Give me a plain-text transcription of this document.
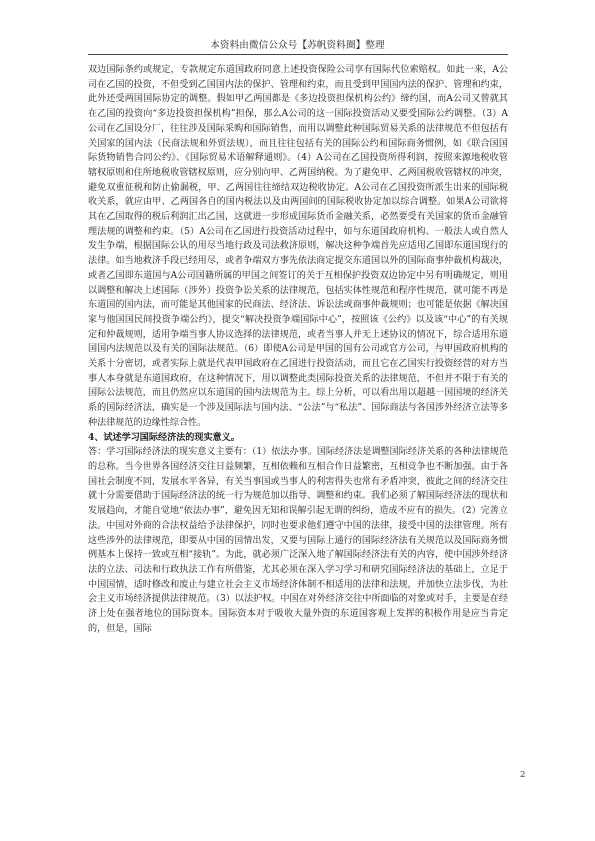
本资料由微信公众号【苏帆资料圈】整理
微

双边国际条约或规定，专款规定东道国政府同意上述投资保险公司享有国际代位索赔权。如此一来，A公司在乙国的投资，不但受到乙国国内法的保护、管理和约束，而且受到甲国国内法的保护、管理和约束，此外还受两国国际协定的调整。假如甲乙两国都是《多边投资担保机构公约》缔约国，而A公司又曾就其在乙国的投资向“多边投资担保机构”担保，那么A公司的这一国际投资活动又要受国际公约调整。（3）A公司在乙国设分厂，往往涉及国际采购和国际销售，而用以调整此种国际贸易关系的法律规范不但包括有关国家的国内法（民商法规和外贸法规），而且往往包括有关的国际公约和国际商务惯例，如《联合国国际货物销售合同公约》、《国际贸易术语解释通则》。（4）A公司在乙国投资所得利润，按照来源地税收管辖权原则和住所地税收管辖权原则，应分别向甲、乙两国纳税。为了避免甲、乙两国税收管辖权的冲突，避免双重征税和防止偷漏税，甲、乙两国往往缔结双边税收协定。A公司在乙国投资所派生出来的国际税收关系，就应由甲、乙两国各自的国内税法以及由两国间的国际税收协定加以综合调整。如果A公司欲将其在乙国取得的税后利润汇出乙国，这就进一步形成国际货币金融关系，必然要受有关国家的货币金融管理法规的调整和约束。（5）A公司在乙国进行投资活动过程中，如与东道国政府机构、一般法人或自然人发生争端，根据国际公认的用尽当地行政及司法救济原则，解决这种争端首先应适用乙国即东道国现行的法律。如当地救济手段已经用尽，或者争端双方事先依法商定提交东道国以外的国际商事仲裁机构裁决，或者乙国即东道国与A公司国籍所属的甲国之间签订的关于互相保护投资双边协定中另有明确规定，则用以调整和解决上述国际（涉外）投资争讼关系的法律规范，包括实体性规范和程序性规范，就可能不再是东道国的国内法，而可能是其他国家的民商法、经济法、诉讼法或商事仲裁规则；也可能是依据《解决国家与他国国民间投资争端公约》，提交“解决投资争端国际中心”，按照该《公约》以及该“中心”的有关规定和仲裁规则，适用争端当事人协议选择的法律规范，或者当事人并无上述协议的情况下，综合适用东道国国内法规范以及有关的国际法规范。（6）即使A公司是甲国的国有公司或官方公司，与甲国政府机构的关系十分密切，或者实际上就是代表甲国政府在乙国进行投资活动，而且它在乙国实行投资经营的对方当事人本身就是东道国政府，在这种情况下，用以调整此类国际投资关系的法律规范，不但并不限于有关的国际公法规范，而且仍然应以东道国的国内法规范为主。综上分析，可以看出用以超越一国国境的经济关系的国际经济法，确实是一个涉及国际法与国内法、“公法”与“私法”、国际商法与各国涉外经济立法等多种法律规范的边缘性综合性。

4、试述学习国际经济法的现实意义。

答：学习国际经济法的现实意义主要有：（1）依法办事。国际经济法是调整国际经济关系的各种法律规范的总称。当今世界各国经济交往日益频繁，互相依赖和互相合作日益繁密，互相竞争也不断加强。由于各国社会制度不同，发展水平各异，有关当事国或当事人的利害得失也常有矛盾冲突，彼此之间的经济交往就十分需要借助于国际经济法的统一行为规范加以指导、调整和约束。我们必须了解国际经济法的现状和发展趋向，才能自觉地“依法办事”，避免因无知和误解引起无谓的纠纷，造成不应有的损失。（2）完善立法。中国对外商的合法权益给予法律保护，同时也要求他们遵守中国的法律，接受中国的法律管理。所有这些涉外的法律规范，即要从中国的国情出发，又要与国际上通行的国际经济法有关规范以及国际商务惯例基本上保持一致或互相“接轨”。为此，就必须广泛深入地了解国际经济法有关的内容，使中国涉外经济法的立法、司法和行政执法工作有所借鉴，尤其必须在深入学习学习和研究国际经济法的基础上，立足于中国国情，适时修改和废止与建立社会主义市场经济体制不相适用的法律和法规，并加快立法步伐，为社会主义市场经济提供法律规范。（3）以法护权。中国在对外经济交往中所面临的对象或对手，主要是在经济上处在强者地位的国际资本。国际资本对于吸收大量外资的东道国客观上发挥的积极作用是应当肯定的，但是，国际

2
